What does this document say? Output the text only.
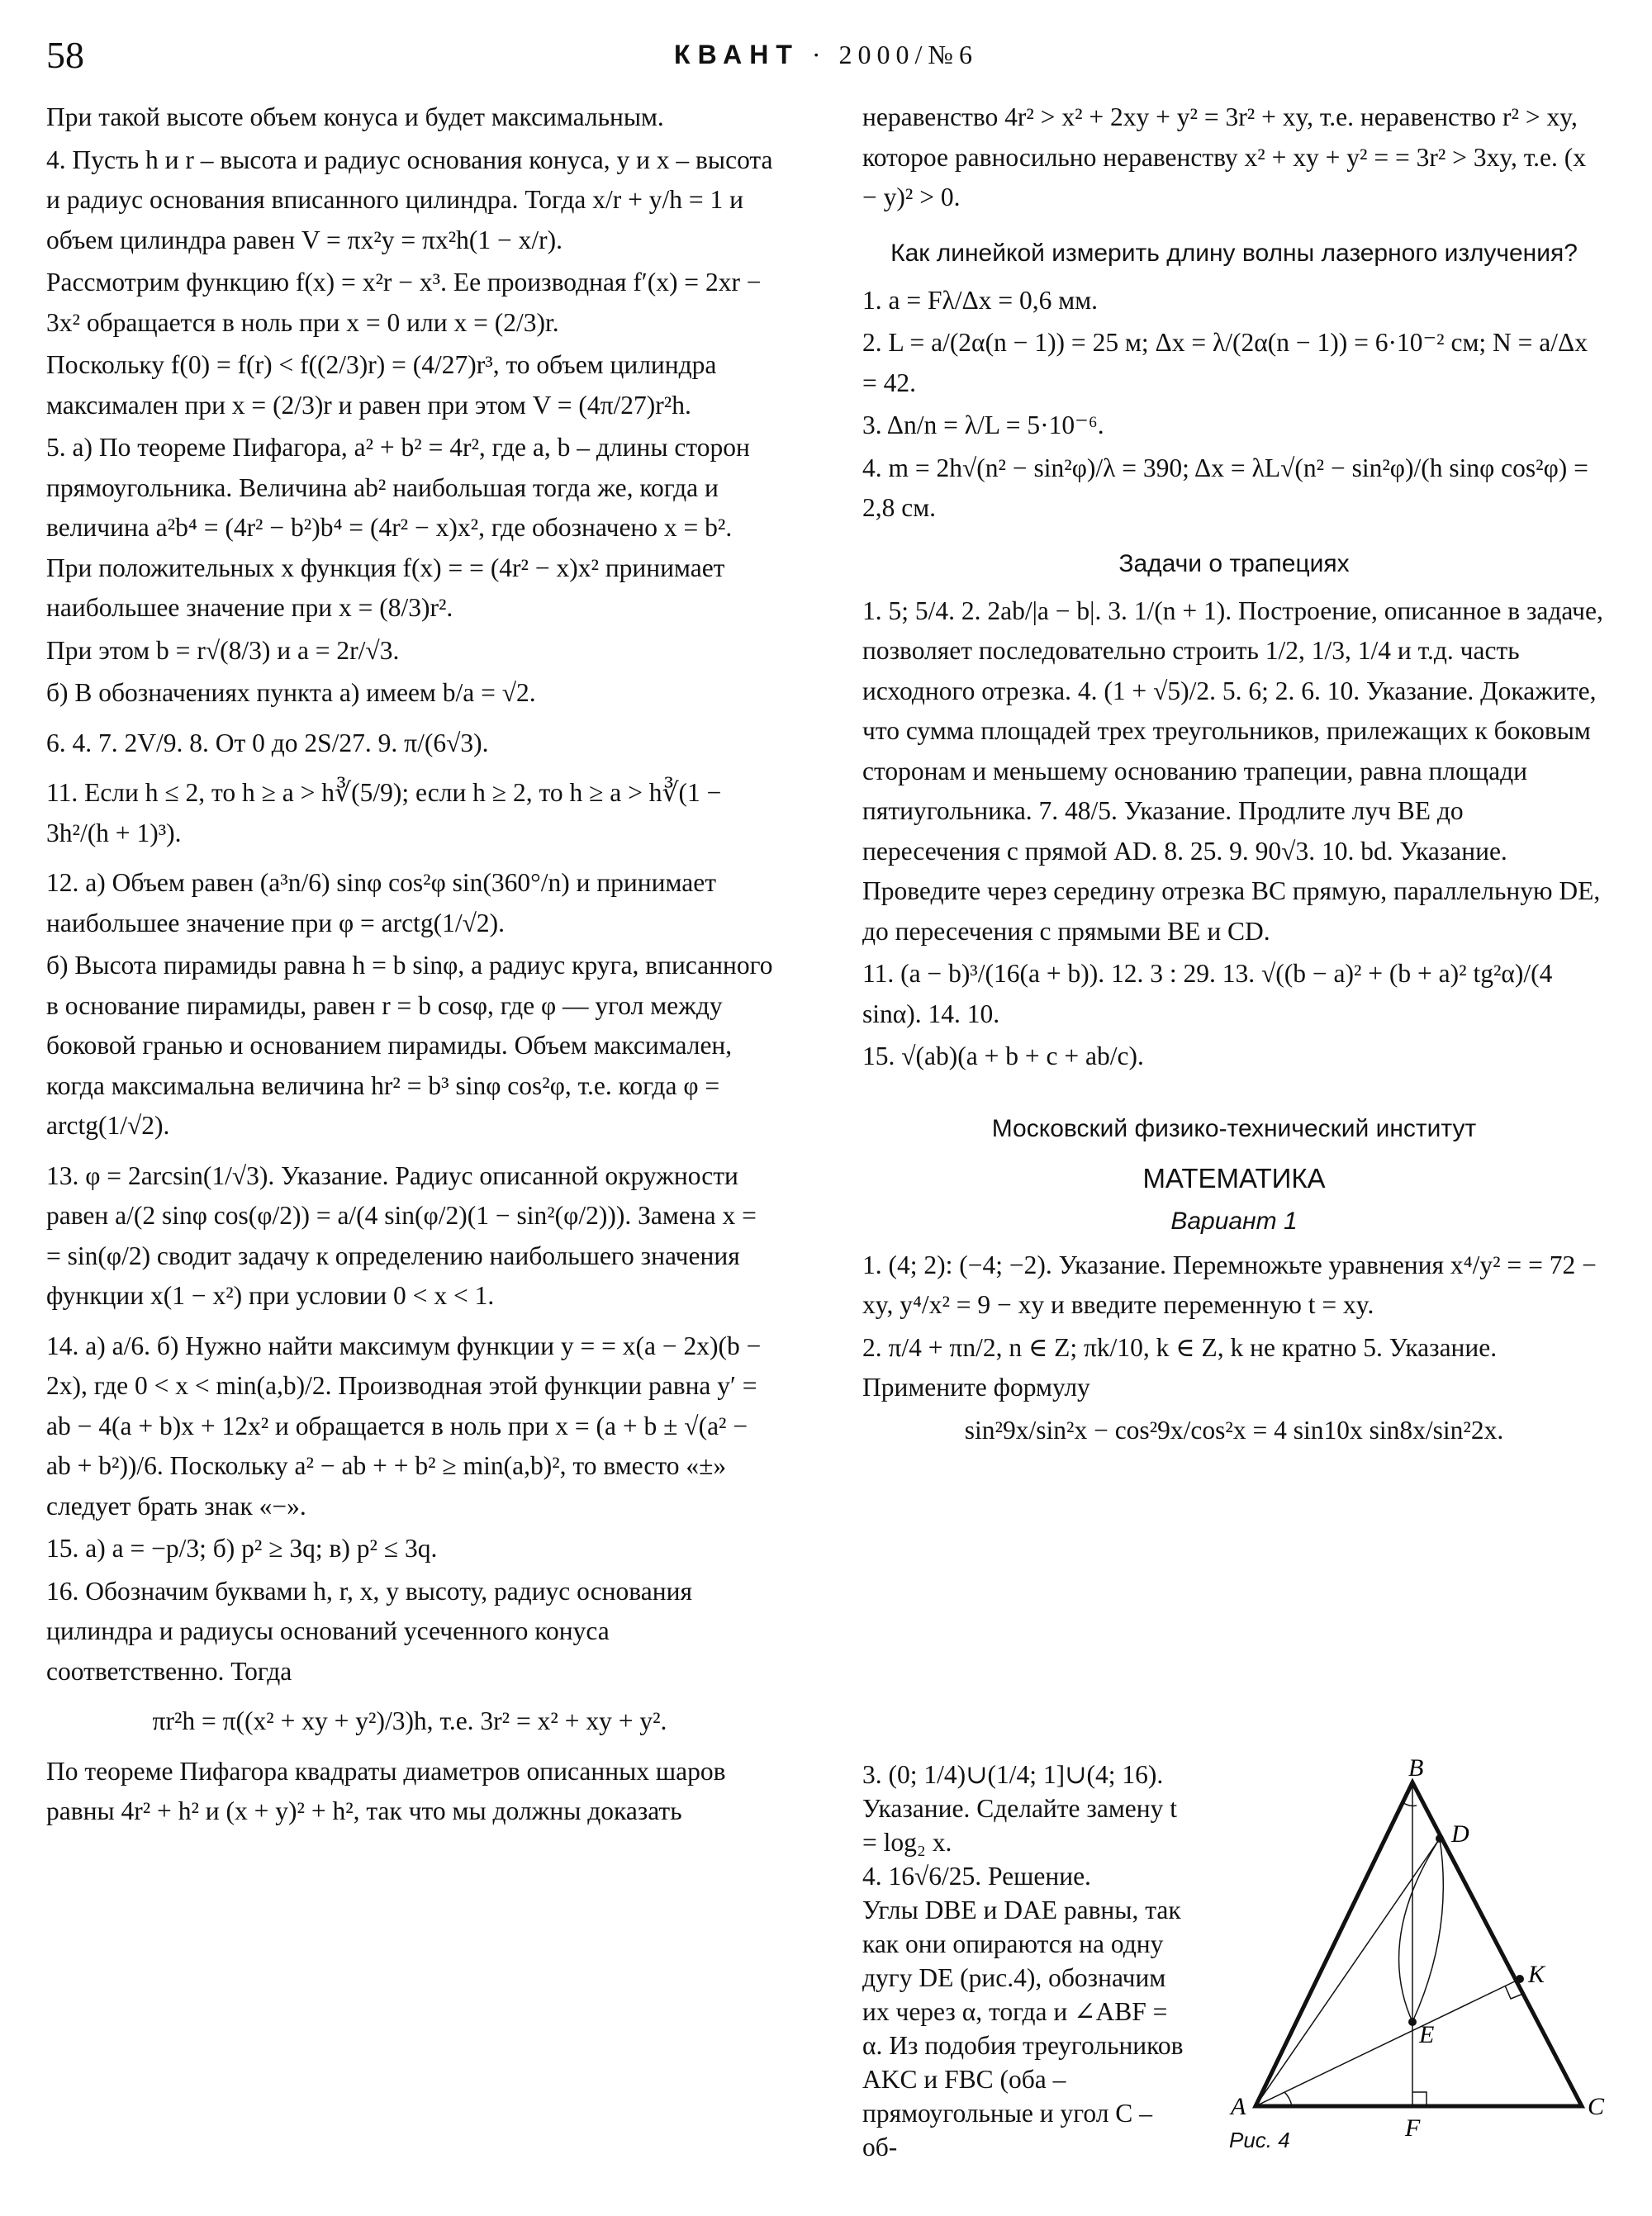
58	КВАНТ · 2000/№6

При такой высоте объем конуса и будет максимальным.

4. Пусть h и r – высота и радиус основания конуса, y и x – высота и радиус основания вписанного цилиндра. Тогда x/r + y/h = 1 и объем цилиндра равен V = πx²y = πx²h(1 − x/r).

Рассмотрим функцию f(x) = x²r − x³. Ее производная f′(x) = 2xr − 3x² обращается в ноль при x = 0 или x = (2/3)r.

Поскольку f(0) = f(r) < f((2/3)r) = (4/27)r³, то объем цилиндра максимален при x = (2/3)r и равен при этом V = (4π/27)r²h.

5. а) По теореме Пифагора, a² + b² = 4r², где a, b – длины сторон прямоугольника. Величина ab² наибольшая тогда же, когда и величина a²b⁴ = (4r² − b²)b⁴ = (4r² − x)x², где обозначено x = b². При положительных x функция f(x) = = (4r² − x)x² принимает наибольшее значение при x = (8/3)r².

При этом b = r√(8/3) и a = 2r/√3.

б) В обозначениях пункта а) имеем b/a = √2.

6. 4. 7. 2V/9. 8. От 0 до 2S/27. 9. π/(6√3).

11. Если h ≤ 2, то h ≥ a > h∛(5/9); если h ≥ 2, то h ≥ a > h∛(1 − 3h²/(h + 1)³).

12. а) Объем равен (a³n/6) sinφ cos²φ sin(360°/n) и принимает наибольшее значение при φ = arctg(1/√2).

б) Высота пирамиды равна h = b sinφ, а радиус круга, вписанного в основание пирамиды, равен r = b cosφ, где φ — угол между боковой гранью и основанием пирамиды. Объем максимален, когда максимальна величина hr² = b³ sinφ cos²φ, т.е. когда φ = arctg(1/√2).

13. φ = 2arcsin(1/√3). Указание. Радиус описанной окружности равен a/(2 sinφ cos(φ/2)) = a/(4 sin(φ/2)(1 − sin²(φ/2))). Замена x = = sin(φ/2) сводит задачу к определению наибольшего значения функции x(1 − x²) при условии 0 < x < 1.

14. а) a/6. б) Нужно найти максимум функции y = = x(a − 2x)(b − 2x), где 0 < x < min(a,b)/2. Производная этой функции равна y′ = ab − 4(a + b)x + 12x² и обращается в ноль при x = (a + b ± √(a² − ab + b²))/6. Поскольку a² − ab + + b² ≥ min(a,b)², то вместо «±» следует брать знак «−».

15. а) a = −p/3; б) p² ≥ 3q; в) p² ≤ 3q.

16. Обозначим буквами h, r, x, y высоту, радиус основания цилиндра и радиусы оснований усеченного конуса соответственно. Тогда

πr²h = π((x² + xy + y²)/3)h, т.е. 3r² = x² + xy + y².

По теореме Пифагора квадраты диаметров описанных шаров равны 4r² + h² и (x + y)² + h², так что мы должны доказать

неравенство 4r² > x² + 2xy + y² = 3r² + xy, т.е. неравенство r² > xy, которое равносильно неравенству x² + xy + y² = = 3r² > 3xy, т.е. (x − y)² > 0.

Как линейкой измерить длину волны лазерного излучения?

1. a = Fλ/Δx = 0,6 мм.

2. L = a/(2α(n − 1)) = 25 м; Δx = λ/(2α(n − 1)) = 6·10⁻² см; N = a/Δx = 42.

3. Δn/n = λ/L = 5·10⁻⁶.

4. m = 2h√(n² − sin²φ)/λ = 390; Δx = λL√(n² − sin²φ)/(h sinφ cos²φ) = 2,8 см.

Задачи о трапециях

1. 5; 5/4. 2. 2ab/|a − b|. 3. 1/(n + 1). Построение, описанное в задаче, позволяет последовательно строить 1/2, 1/3, 1/4 и т.д. часть исходного отрезка. 4. (1 + √5)/2. 5. 6; 2. 6. 10. Указание. Докажите, что сумма площадей трех треугольников, прилежащих к боковым сторонам и меньшему основанию трапеции, равна площади пятиугольника. 7. 48/5. Указание. Продлите луч BE до пересечения с прямой AD. 8. 25. 9. 90√3. 10. bd. Указание. Проведите через середину отрезка BC прямую, параллельную DE, до пересечения с прямыми BE и CD.

11. (a − b)³/(16(a + b)). 12. 3 : 29. 13. √((b − a)² + (b + a)² tg²α)/(4 sinα). 14. 10.

15. √(ab)(a + b + c + ab/c).

Московский физико-технический институт

МАТЕМАТИКА

Вариант 1

1. (4; 2): (−4; −2). Указание. Перемножьте уравнения x⁴/y² = = 72 − xy, y⁴/x² = 9 − xy и введите переменную t = xy.

2. π/4 + πn/2, n ∈ Z; πk/10, k ∈ Z, k не кратно 5. Указание. Примените формулу

sin²9x/sin²x − cos²9x/cos²x = 4 sin10x sin8x/sin²2x.

3. (0; 1/4)∪(1/4; 1]∪(4; 16).

Указание. Сделайте замену t = log₂ x.

4. 16√6/25. Решение.

Углы DBE и DAE равны, так как они опираются на одну дугу DE (рис.4), обозначим их через α, тогда и ∠ABF = α. Из подобия треугольников AKC и FBC (оба – прямоугольные и угол C – об-

B
D
K
E
A	C
F
Рис. 4
